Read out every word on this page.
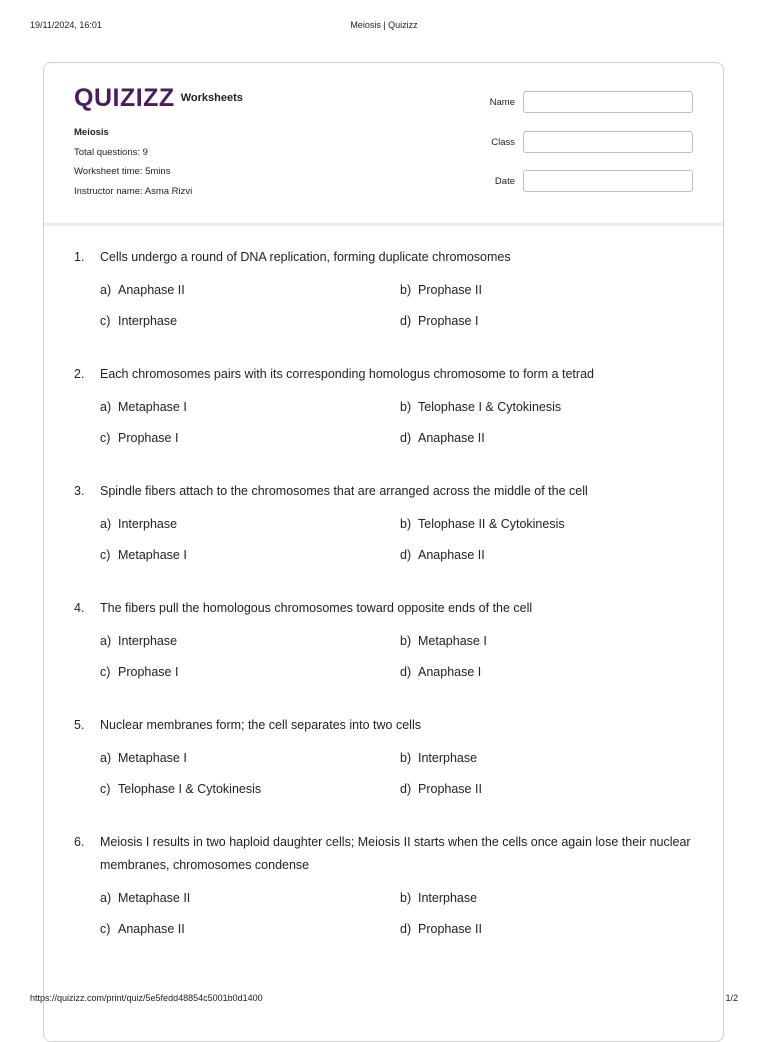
19/11/2024, 16:01	Meiosis | Quizizz
QUIZIZZ Worksheets
Meiosis
Total questions: 9
Worksheet time: 5mins
Instructor name: Asma Rizvi
Name
Class
Date
1.	Cells undergo a round of DNA replication, forming duplicate chromosomes
a) Anaphase II	b) Prophase II
c) Interphase	d) Prophase I
2.	Each chromosomes pairs with its corresponding homologus chromosome to form a tetrad
a) Metaphase I	b) Telophase I & Cytokinesis
c) Prophase I	d) Anaphase II
3.	Spindle fibers attach to the chromosomes that are arranged across the middle of the cell
a) Interphase	b) Telophase II & Cytokinesis
c) Metaphase I	d) Anaphase II
4.	The fibers pull the homologous chromosomes toward opposite ends of the cell
a) Interphase	b) Metaphase I
c) Prophase I	d) Anaphase I
5.	Nuclear membranes form; the cell separates into two cells
a) Metaphase I	b) Interphase
c) Telophase I & Cytokinesis	d) Prophase II
6.	Meiosis I results in two haploid daughter cells; Meiosis II starts when the cells once again lose their nuclear membranes, chromosomes condense
a) Metaphase II	b) Interphase
c) Anaphase II	d) Prophase II
https://quizizz.com/print/quiz/5e5fedd48854c5001b0d1400	1/2
